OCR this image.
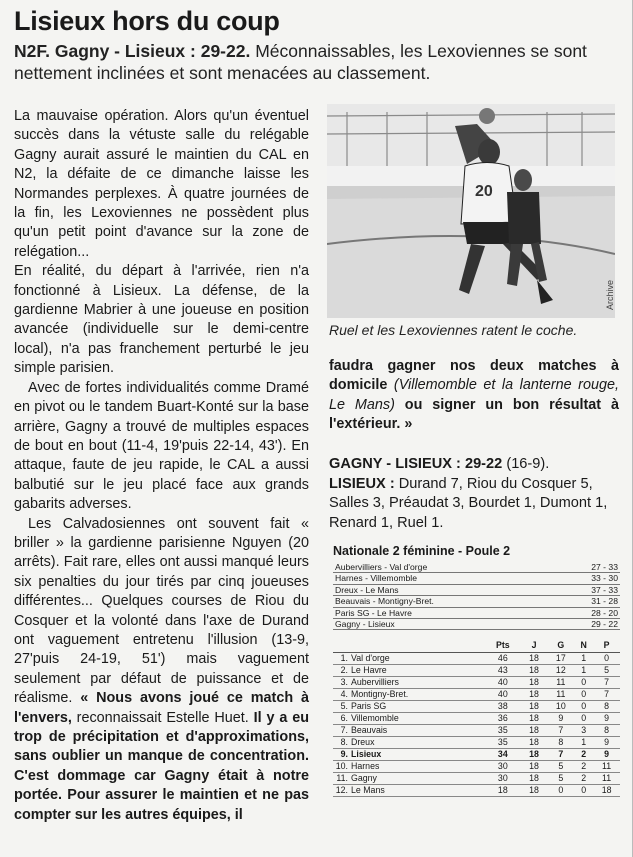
Lisieux hors du coup
N2F. Gagny - Lisieux : 29-22. Méconnaissables, les Lexoviennes se sont nettement inclinées et sont menacées au classement.

La mauvaise opération. Alors qu'un éventuel succès dans la vétuste salle du relégable Gagny aurait assuré le maintien du CAL en N2, la défaite de ce dimanche laisse les Normandes perplexes. À quatre journées de la fin, les Lexoviennes ne possèdent plus qu'un petit point d'avance sur la zone de relégation...

En réalité, du départ à l'arrivée, rien n'a fonctionné à Lisieux. La défense, de la gardienne Mabrier à une joueuse en position avancée (individuelle sur le demi-centre local), n'a pas franchement perturbé le jeu simple parisien.

Avec de fortes individualités comme Dramé en pivot ou le tandem Buart-Konté sur la base arrière, Gagny a trouvé de multiples espaces de bout en bout (11-4, 19'puis 22-14, 43'). En attaque, faute de jeu rapide, le CAL a aussi balbutié sur le jeu placé face aux grands gabarits adverses.

Les Calvadosiennes ont souvent fait « briller » la gardienne parisienne Nguyen (20 arrêts). Fait rare, elles ont aussi manqué leurs six penalties du jour tirés par cinq joueuses différentes... Quelques courses de Riou du Cosquer et la volonté dans l'axe de Durand ont vaguement entretenu l'illusion (13-9, 27'puis 24-19, 51') mais vaguement seulement par défaut de puissance et de réalisme. « Nous avons joué ce match à l'envers, reconnaissait Estelle Huet. Il y a eu trop de précipitation et d'approximations, sans oublier un manque de concentration. C'est dommage car Gagny était à notre portée. Pour assurer le maintien et ne pas compter sur les autres équipes, il

20
Archive
Ruel et les Lexoviennes ratent le coche.
faudra gagner nos deux matches à domicile (Villemomble et la lanterne rouge, Le Mans) ou signer un bon résultat à l'extérieur. »
GAGNY - LISIEUX : 29-22 (16-9).
LISIEUX : Durand 7, Riou du Cosquer 5, Salles 3, Préaudat 3, Bourdet 1, Dumont 1, Renard 1, Ruel 1.
Nationale 2 féminine - Poule 2
Aubervilliers - Val d'orge	27 - 33
Harnes - Villemomble	33 - 30
Dreux - Le Mans	37 - 33
Beauvais - Montigny-Bret.	31 - 28
Paris SG - Le Havre	28 - 20
Gagny - Lisieux	29 - 22
	Pts	J	G	N	P
1. Val d'orge	46	18	17	1	0
2. Le Havre	43	18	12	1	5
3. Aubervilliers	40	18	11	0	7
4. Montigny-Bret.	40	18	11	0	7
5. Paris SG	38	18	10	0	8
6. Villemomble	36	18	9	0	9
7. Beauvais	35	18	7	3	8
8. Dreux	35	18	8	1	9
9. Lisieux	34	18	7	2	9
10. Harnes	30	18	5	2	11
11. Gagny	30	18	5	2	11
12. Le Mans	18	18	0	0	18
